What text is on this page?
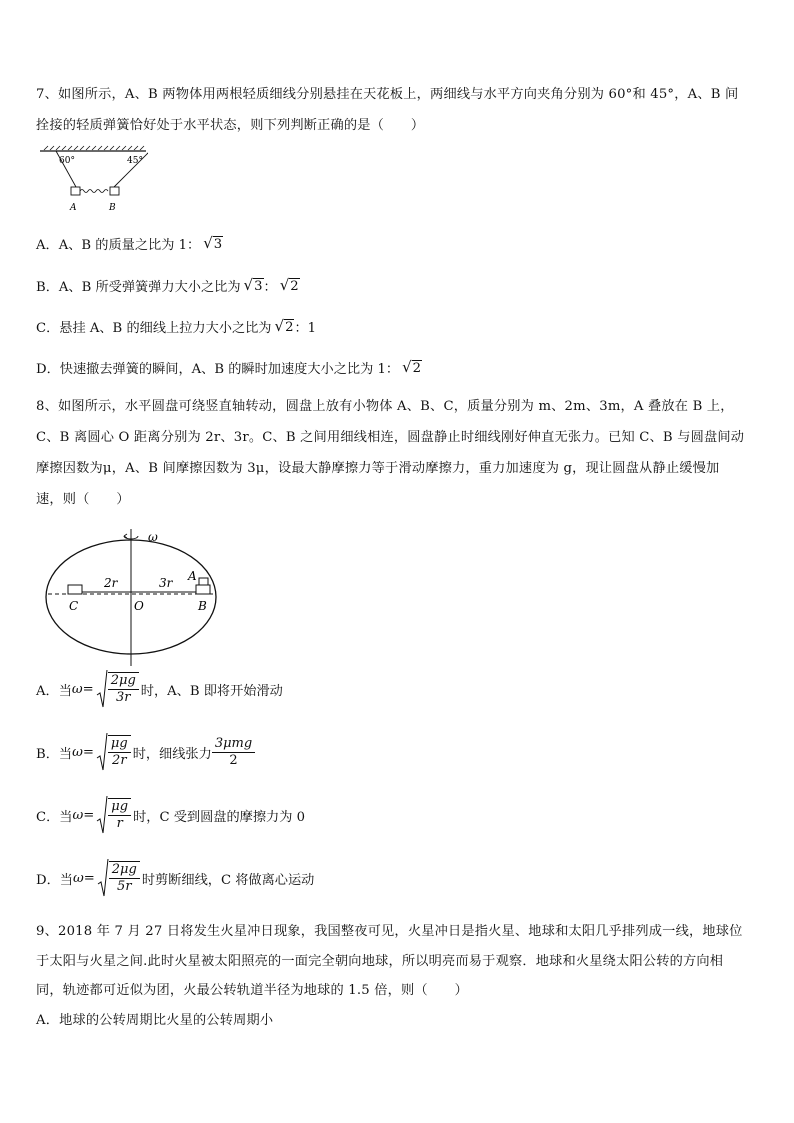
7、如图所示，A、B 两物体用两根轻质细线分别悬挂在天花板上，两细线与水平方向夹角分别为 60°和 45°，A、B 间
拴接的轻质弹簧恰好处于水平状态，则下列判断正确的是（　　）
60°	45°
A	B
A．A、B 的质量之比为 1： √ 3
B．A、B 所受弹簧弹力大小之比为 √ 3 ： √ 2
C．悬挂 A、B 的细线上拉力大小之比为 √ 2 ：1
D．快速撤去弹簧的瞬间，A、B 的瞬时加速度大小之比为 1： √ 2
8、如图所示，水平圆盘可绕竖直轴转动，圆盘上放有小物体 A、B、C，质量分别为 m、2m、3m，A 叠放在 B 上，
C、B 离圆心 O 距离分别为 2r、3r。C、B 之间用细线相连，圆盘静止时细线刚好伸直无张力。已知 C、B 与圆盘间动
摩擦因数为μ，A、B 间摩擦因数为 3μ，设最大静摩擦力等于滑动摩擦力，重力加速度为 g，现让圆盘从静止缓慢加
速，则（　　）
ω
2r	3r A
C	O	B
A．当 $\omega = \frac{2\mu g}{3r}$ 时，A、B 即将开始滑动
B．当 $\omega = \frac{\mu g}{2r}$ 时，细线张力 $\frac{\text{3μmg}}{2}$
C．当 $\omega = \frac{\mu g}{r}$ 时，C 受到圆盘的摩擦力为 0
D．当 $\omega = \frac{2\mu g}{5r}$ 时剪断细线，C 将做离心运动
9、2018 年 7 月 27 日将发生火星冲日现象，我国整夜可见，火星冲日是指火星、地球和太阳几乎排列成一线，地球位
于太阳与火星之间.此时火星被太阳照亮的一面完全朝向地球，所以明亮而易于观察．地球和火星绕太阳公转的方向相
同，轨迹都可近似为团，火最公转轨道半径为地球的 1.5 倍，则（　　）
A．地球的公转周期比火星的公转周期小
